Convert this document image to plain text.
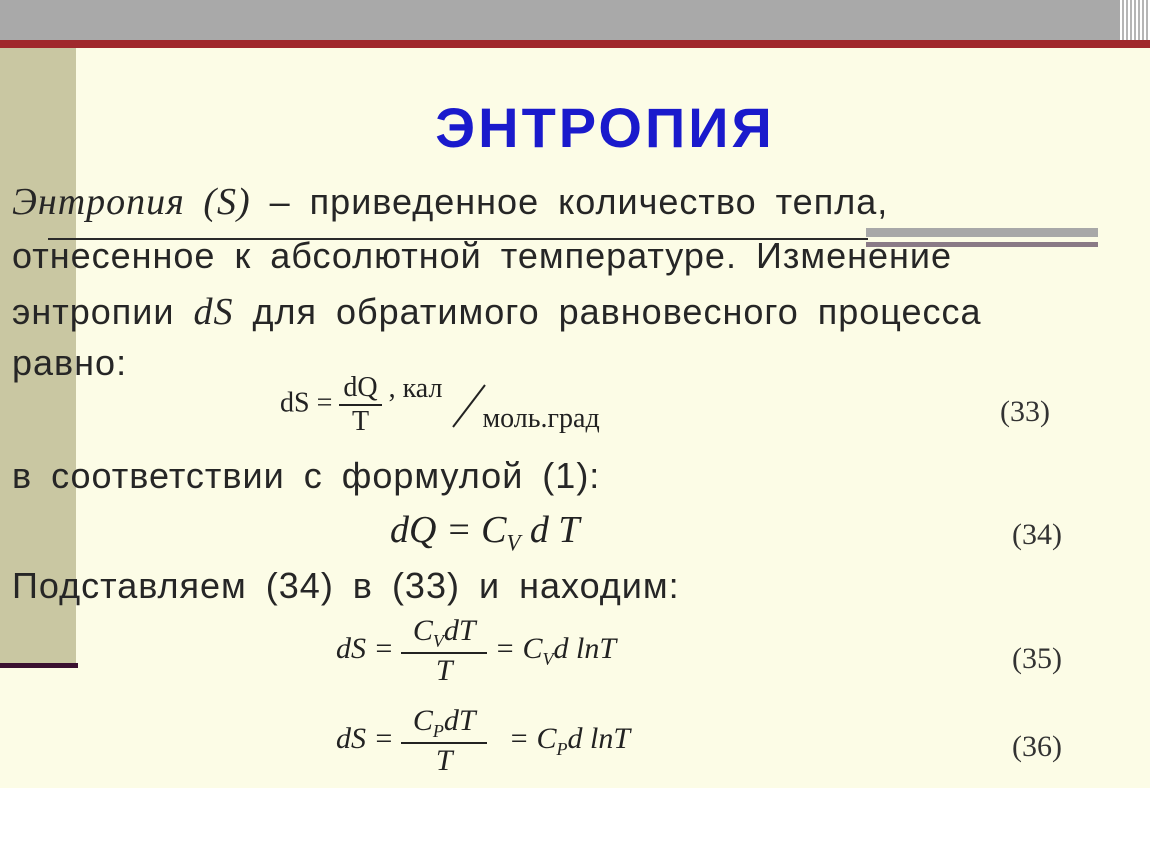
ЭНТРОПИЯ
Энтропия (S) – приведенное количество тепла,
отнесенное к абсолютной температуре. Изменение
энтропии dS для обратимого равновесного процесса
равно:
dS = $\frac{dQ}{T}$ , кал  моль.град	(33)
в соответствии с формулой (1):
dQ = $C_V$ d T	(34)
Подставляем (34) в (33) и находим:
dS = $\frac{C_VdT}{T} = C_Vd$ lnT	(35)
dS = $\frac{C_PdT}{T} = C_Pd$ lnT	(36)
